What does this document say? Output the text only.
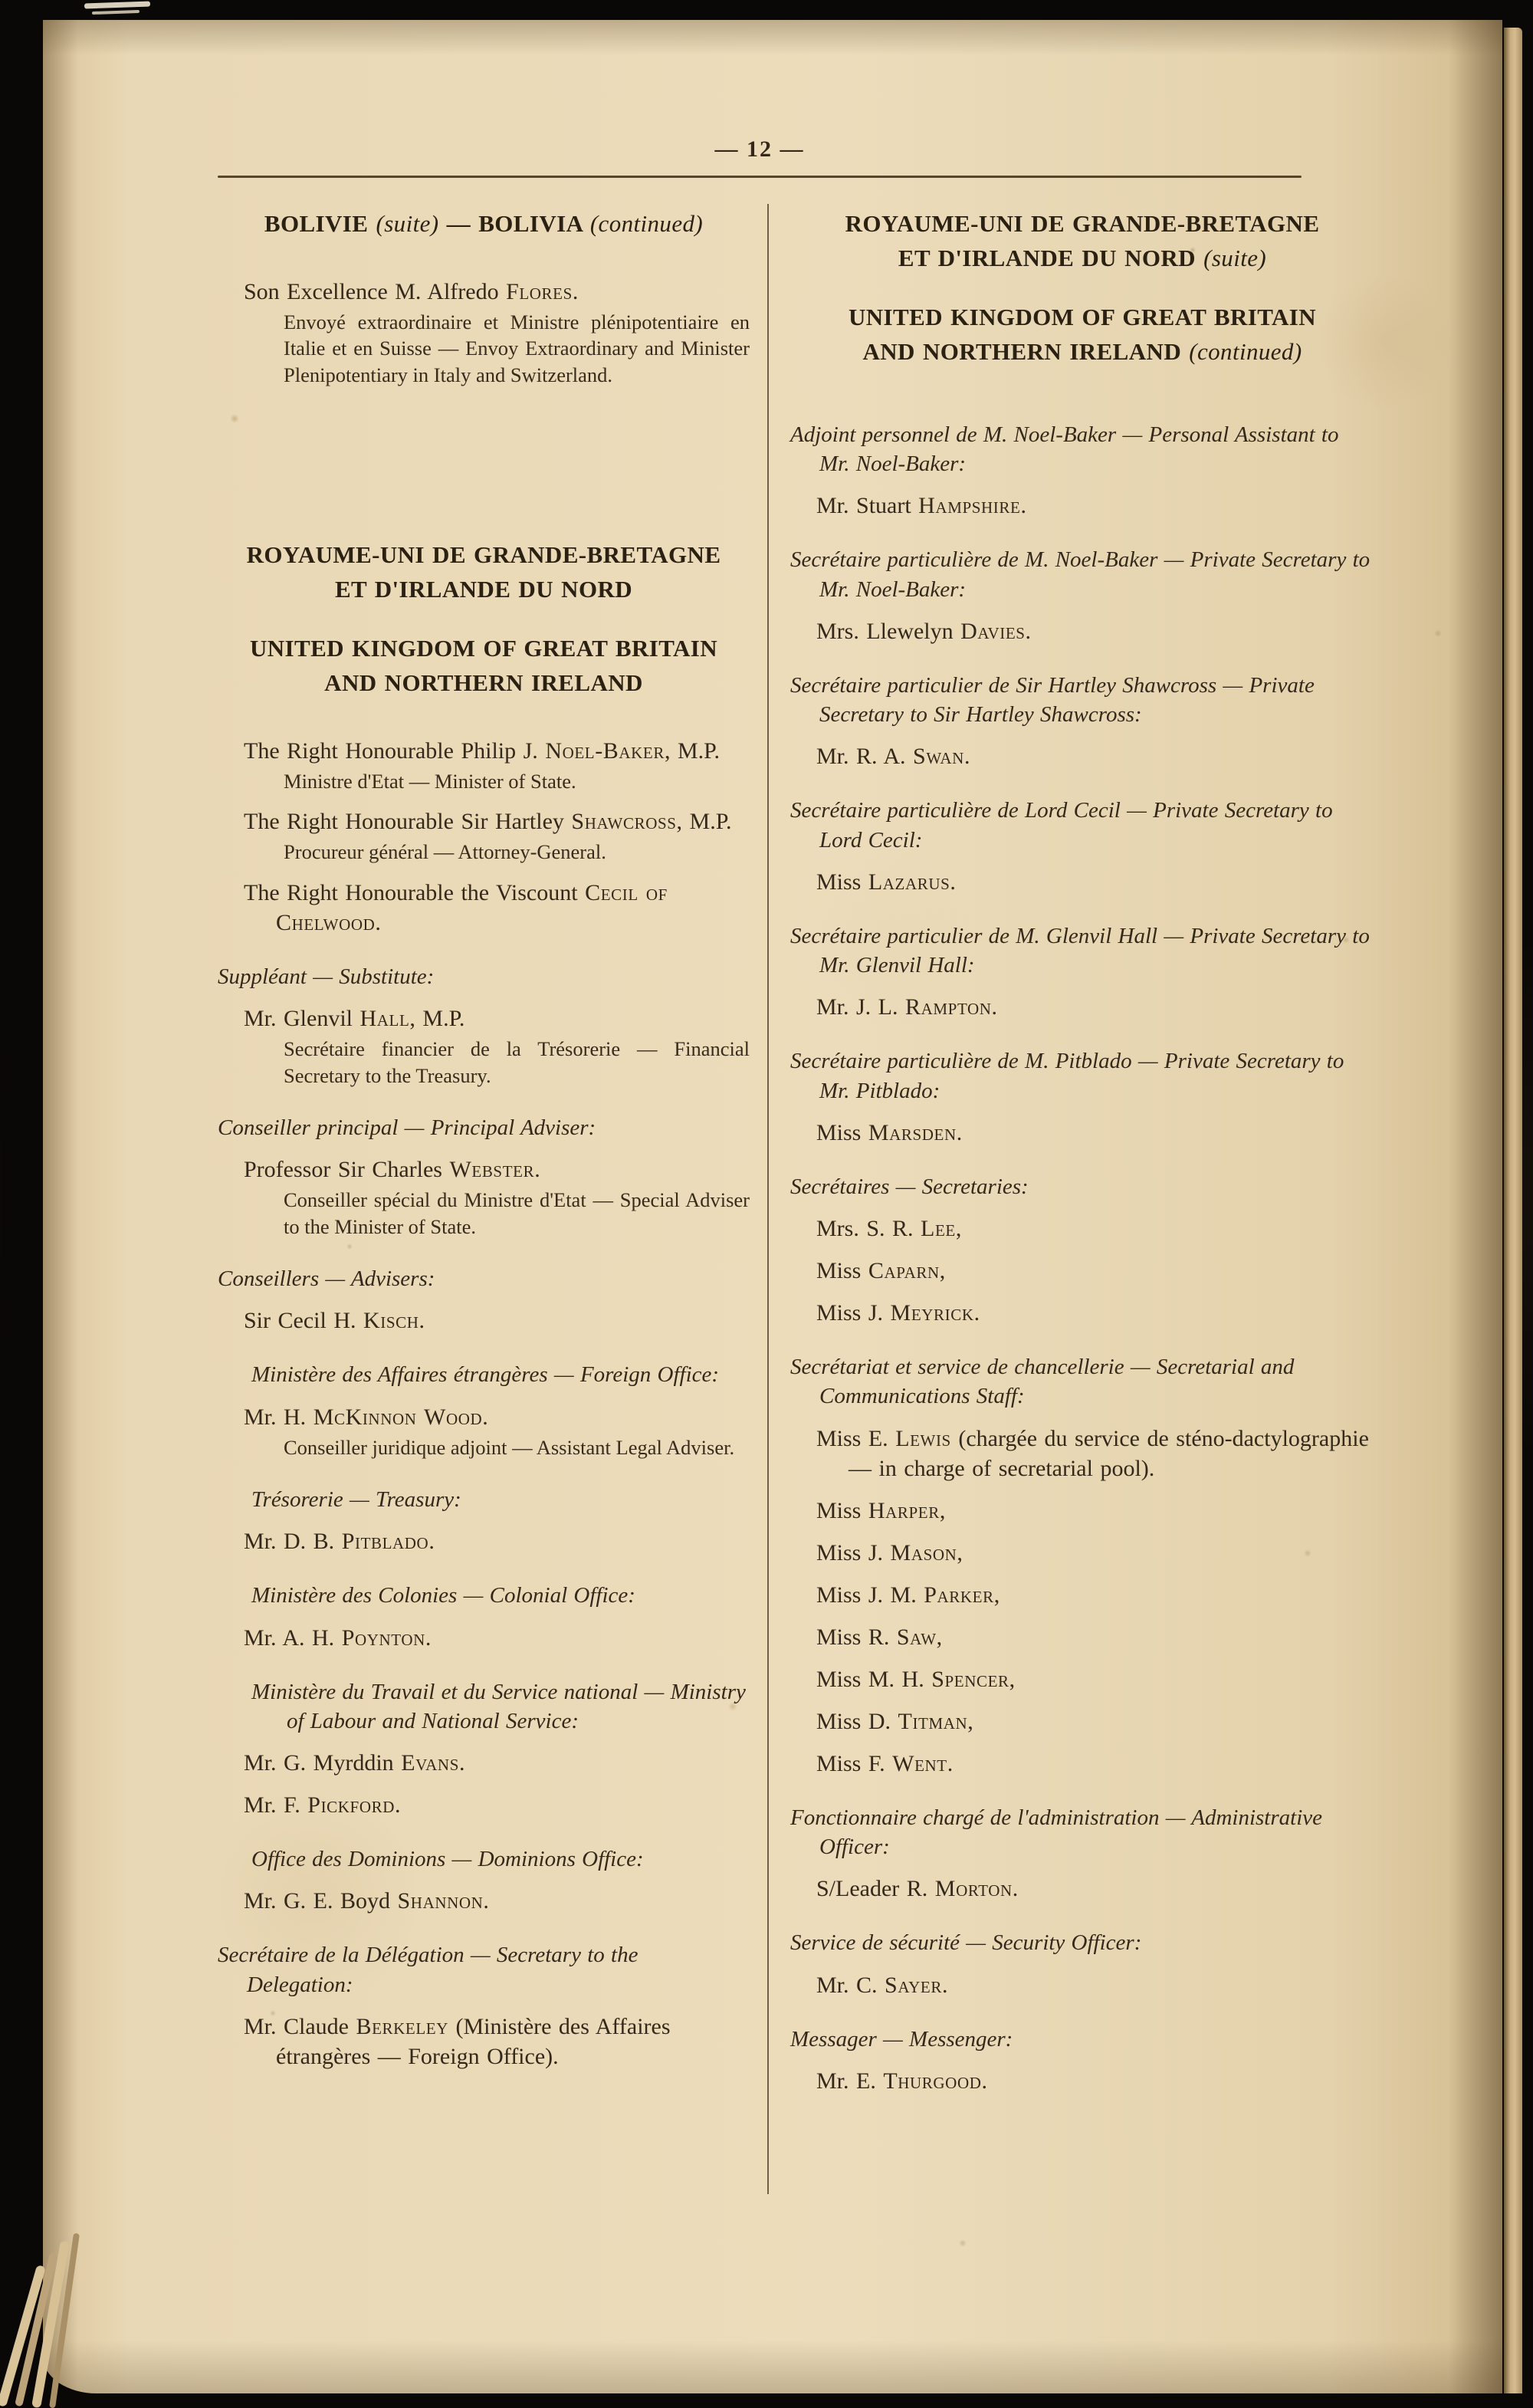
— 12 —
BOLIVIE (suite) — BOLIVIA (continued)
Son Excellence M. Alfredo Flores.
Envoyé extraordinaire et Ministre plénipotentiaire en Italie et en Suisse — Envoy Extraordinary and Minister Plenipotentiary in Italy and Switzerland.
ROYAUME-UNI DE GRANDE-BRETAGNE
ET D'IRLANDE DU NORD
UNITED KINGDOM OF GREAT BRITAIN
AND NORTHERN IRELAND
The Right Honourable Philip J. Noel-Baker, M.P.
Ministre d'Etat — Minister of State.
The Right Honourable Sir Hartley Shawcross, M.P.
Procureur général — Attorney-General.
The Right Honourable the Viscount Cecil of Chelwood.
Suppléant — Substitute:
Mr. Glenvil Hall, M.P.
Secrétaire financier de la Trésorerie — Financial Secretary to the Treasury.
Conseiller principal — Principal Adviser:
Professor Sir Charles Webster.
Conseiller spécial du Ministre d'Etat — Special Adviser to the Minister of State.
Conseillers — Advisers:
Sir Cecil H. Kisch.
Ministère des Affaires étrangères — Foreign Office:
Mr. H. McKinnon Wood.
Conseiller juridique adjoint — Assistant Legal Adviser.
Trésorerie — Treasury:
Mr. D. B. Pitblado.
Ministère des Colonies — Colonial Office:
Mr. A. H. Poynton.
Ministère du Travail et du Service national — Ministry of Labour and National Service:
Mr. G. Myrddin Evans.
Mr. F. Pickford.
Office des Dominions — Dominions Office:
Mr. G. E. Boyd Shannon.
Secrétaire de la Délégation — Secretary to the Delegation:
Mr. Claude Berkeley (Ministère des Affaires étrangères — Foreign Office).
ROYAUME-UNI DE GRANDE-BRETAGNE
ET D'IRLANDE DU NORD (suite)
UNITED KINGDOM OF GREAT BRITAIN
AND NORTHERN IRELAND (continued)
Adjoint personnel de M. Noel-Baker — Personal Assistant to Mr. Noel-Baker:
Mr. Stuart Hampshire.
Secrétaire particulière de M. Noel-Baker — Private Secretary to Mr. Noel-Baker:
Mrs. Llewelyn Davies.
Secrétaire particulier de Sir Hartley Shawcross — Private Secretary to Sir Hartley Shawcross:
Mr. R. A. Swan.
Secrétaire particulière de Lord Cecil — Private Secretary to Lord Cecil:
Miss Lazarus.
Secrétaire particulier de M. Glenvil Hall — Private Secretary to Mr. Glenvil Hall:
Mr. J. L. Rampton.
Secrétaire particulière de M. Pitblado — Private Secretary to Mr. Pitblado:
Miss Marsden.
Secrétaires — Secretaries:
Mrs. S. R. Lee,
Miss Caparn,
Miss J. Meyrick.
Secrétariat et service de chancellerie — Secretarial and Communications Staff:
Miss E. Lewis (chargée du service de sténo-dactylographie — in charge of secretarial pool).
Miss Harper,
Miss J. Mason,
Miss J. M. Parker,
Miss R. Saw,
Miss M. H. Spencer,
Miss D. Titman,
Miss F. Went.
Fonctionnaire chargé de l'administration — Administrative Officer:
S/Leader R. Morton.
Service de sécurité — Security Officer:
Mr. C. Sayer.
Messager — Messenger:
Mr. E. Thurgood.
